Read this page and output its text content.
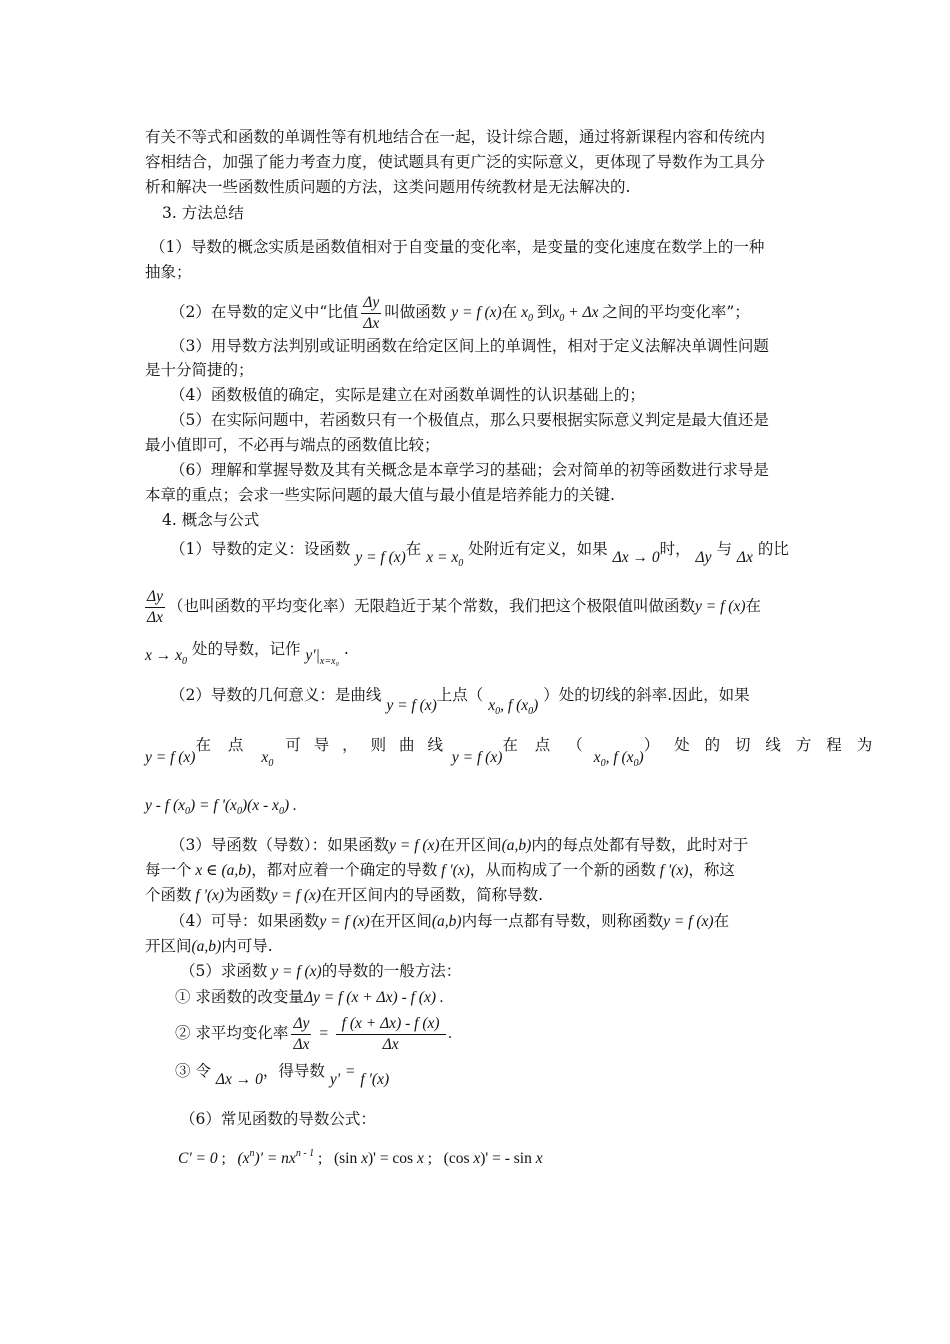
有关不等式和函数的单调性等有机地结合在一起，设计综合题，通过将新课程内容和传统内
容相结合，加强了能力考查力度，使试题具有更广泛的实际意义，更体现了导数作为工具分
析和解决一些函数性质问题的方法，这类问题用传统教材是无法解决的.
3. 方法总结
（1）导数的概念实质是函数值相对于自变量的变化率，是变量的变化速度在数学上的一种
抽象；
（2）在导数的定义中“比值 $\frac{\Delta y}{\Delta x}$ 叫做函数 y = f (x)在 $x_0$ 到$x_0 + \Delta x$ 之间的平均变化率”；
（3）用导数方法判别或证明函数在给定区间上的单调性，相对于定义法解决单调性问题
是十分简捷的；
（4）函数极值的确定，实际是建立在对函数单调性的认识基础上的；
（5）在实际问题中，若函数只有一个极值点，那么只要根据实际意义判定是最大值还是
最小值即可，不必再与端点的函数值比较；
（6）理解和掌握导数及其有关概念是本章学习的基础；会对简单的初等函数进行求导是
本章的重点；会求一些实际问题的最大值与最小值是培养能力的关键.
4. 概念与公式
（1）导数的定义：设函数 y = f (x)在 $x = x_0$ 处附近有定义，如果 Δx → 0时， Δy 与 Δx 的比
$\frac{\Delta y}{\Delta x}$ （也叫函数的平均变化率）无限趋近于某个常数，我们把这个极限值叫做函数y = f (x)在
$x \to x_0$ 处的导数，记作 $y'|_{x=x_0}$ .
（2）导数的几何意义：是曲线 y = f (x)上点（ $x_0$, f $(x_0)$ ）处的切线的斜率.因此，如果
y = f (x)在 点$x_0$可 导 ， 则 曲 线 y = f (x)在 点 （ $x_0$, f $(x_0)$） 处 的 切 线 方 程 为
y - f $(x_0) = f$ '$(x_0)(x - x_0)$ .
（3）导函数（导数）：如果函数y = f (x)在开区间(a,b)内的每点处都有导数，此时对于
每一个 x ∈ (a,b)，都对应着一个确定的导数 f '(x)，从而构成了一个新的函数 f '(x)，称这
个函数 f '(x)为函数y = f (x)在开区间内的导函数，简称导数.
（4）可导：如果函数y = f (x)在开区间(a,b)内每一点都有导数，则称函数y = f (x)在
开区间(a,b)内可导.
（5）求函数 y = f (x)的导数的一般方法：
① 求函数的改变量Δy = f (x + Δx) - f (x) .
② 求平均变化率 $\frac{\Delta y}{\Delta x} = \frac{f (x + \Delta x) - f (x)}{\Delta x}$ .
③ 令 Δx → 0，得导数 y' = f ′(x)
（6）常见函数的导数公式：
C' = 0 ;   $(x^n)' = nx^{n - 1}$ ;   (sin x)' = cos x ;   (cos x)' = - sin x
